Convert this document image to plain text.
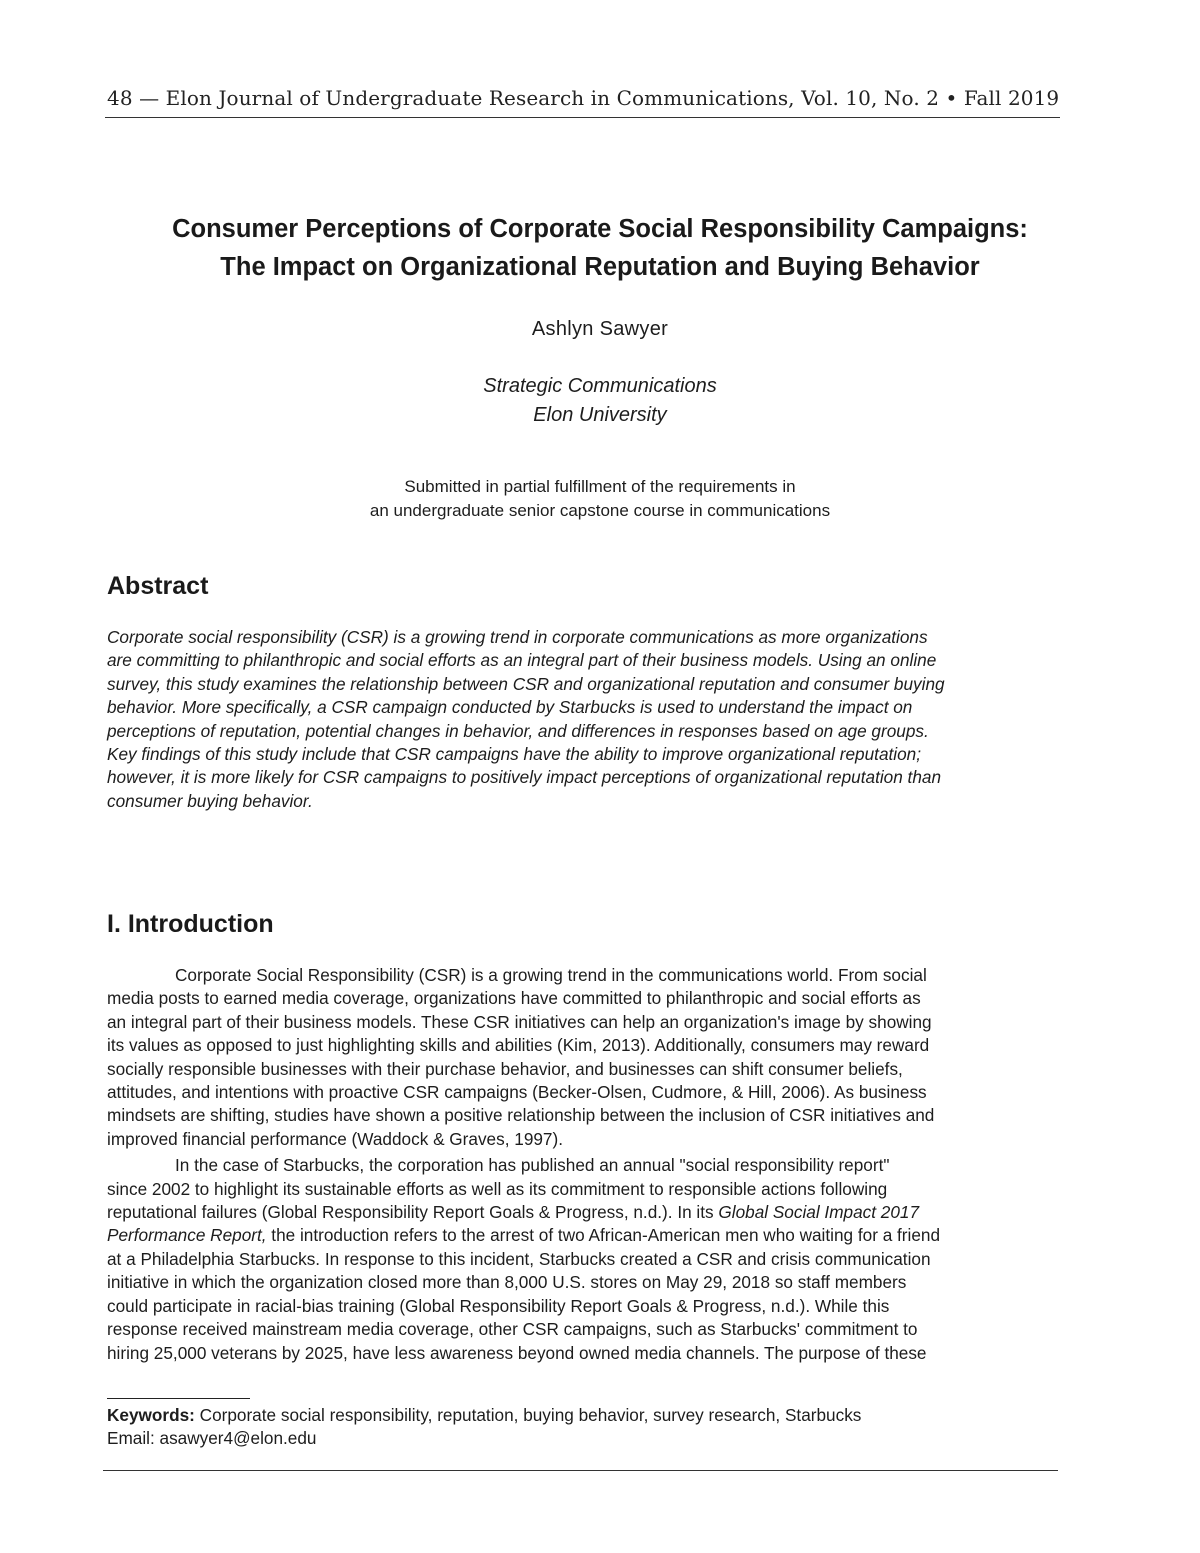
48 — Elon Journal of Undergraduate Research in Communications, Vol. 10, No. 2 • Fall 2019
Consumer Perceptions of Corporate Social Responsibility Campaigns:
The Impact on Organizational Reputation and Buying Behavior
Ashlyn Sawyer
Strategic Communications
Elon University
Submitted in partial fulfillment of the requirements in
an undergraduate senior capstone course in communications
Abstract
Corporate social responsibility (CSR) is a growing trend in corporate communications as more organizations
are committing to philanthropic and social efforts as an integral part of their business models. Using an online
survey, this study examines the relationship between CSR and organizational reputation and consumer buying
behavior. More specifically, a CSR campaign conducted by Starbucks is used to understand the impact on
perceptions of reputation, potential changes in behavior, and differences in responses based on age groups.
Key findings of this study include that CSR campaigns have the ability to improve organizational reputation;
however, it is more likely for CSR campaigns to positively impact perceptions of organizational reputation than
consumer buying behavior.
I. Introduction
Corporate Social Responsibility (CSR) is a growing trend in the communications world. From social
media posts to earned media coverage, organizations have committed to philanthropic and social efforts as
an integral part of their business models. These CSR initiatives can help an organization's image by showing
its values as opposed to just highlighting skills and abilities (Kim, 2013). Additionally, consumers may reward
socially responsible businesses with their purchase behavior, and businesses can shift consumer beliefs,
attitudes, and intentions with proactive CSR campaigns (Becker-Olsen, Cudmore, & Hill, 2006). As business
mindsets are shifting, studies have shown a positive relationship between the inclusion of CSR initiatives and
improved financial performance (Waddock & Graves, 1997).
In the case of Starbucks, the corporation has published an annual "social responsibility report"
since 2002 to highlight its sustainable efforts as well as its commitment to responsible actions following
reputational failures (Global Responsibility Report Goals & Progress, n.d.). In its Global Social Impact 2017
Performance Report, the introduction refers to the arrest of two African-American men who waiting for a friend
at a Philadelphia Starbucks. In response to this incident, Starbucks created a CSR and crisis communication
initiative in which the organization closed more than 8,000 U.S. stores on May 29, 2018 so staff members
could participate in racial-bias training (Global Responsibility Report Goals & Progress, n.d.). While this
response received mainstream media coverage, other CSR campaigns, such as Starbucks' commitment to
hiring 25,000 veterans by 2025, have less awareness beyond owned media channels. The purpose of these
Keywords: Corporate social responsibility, reputation, buying behavior, survey research, Starbucks
Email: asawyer4@elon.edu
